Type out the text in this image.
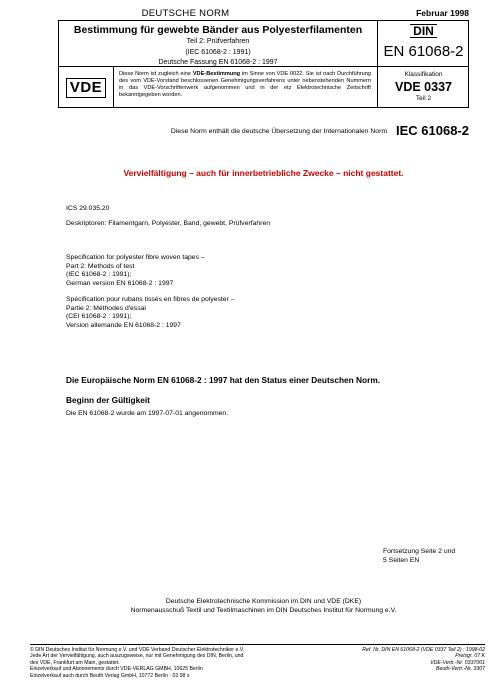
DEUTSCHE NORM	Februar 1998
Bestimmung für gewebte Bänder aus Polyesterfilamenten
Teil 2: Prüfverfahren
(IEC 61068-2 : 1991)
Deutsche Fassung EN 61068-2 : 1997
DIN
EN 61068-2
VDE
Diese Norm ist zugleich eine VDE-Bestimmung im Sinne von VDE 0022. Sie ist nach Durchführung des vom VDE-Vorstand beschlossenen Genehmigungsverfahrens unter nebenstehenden Nummern in das VDE-Vorschriftenwerk aufgenommen und in der etz Elektrotechnische Zeitschrift bekanntgegeben worden.
Klassifikation
VDE 0337
Teil 2
Diese Norm enthält die deutsche Übersetzung der Internationalen Norm IEC 61068-2
Vervielfältigung – auch für innerbetriebliche Zwecke – nicht gestattet.
ICS 29.035.20
Deskriptoren: Filamentgarn, Polyester, Band, gewebt, Prüfverfahren
Specification for polyester fibre woven tapes –
Part 2: Methods of test
(IEC 61068-2 : 1991);
German version EN 61068-2 : 1997
Spécification pour rubans tissés en fibres de polyester –
Partie 2: Méthodes d'essai
(CEI 61068-2 : 1991);
Version allemande EN 61068-2 : 1997
Die Europäische Norm EN 61068-2 : 1997 hat den Status einer Deutschen Norm.
Beginn der Gültigkeit
Die EN 61068-2 wurde am 1997-07-01 angenommen.
Fortsetzung Seite 2 und
5 Seiten EN
Deutsche Elektrotechnische Kommission im DIN und VDE (DKE)
Normenausschuß Textil und Textilmaschinen im DIN Deutsches Institut für Normung e.V.
© DIN Deutsches Institut für Normung e.V. und VDE Verband Deutscher Elektrotechniker e.V.
Jede Art der Vervielfältigung, auch auszugsweise, nur mit Genehmigung des DIN, Berlin, und
des VDE, Frankfurt am Main, gestattet.
Einzelverkauf und Abonnements durch VDE-VERLAG GMBH, 10625 Berlin
Einzelverkauf auch durch Beuth Verlag GmbH, 10772 Berlin · 02.98 s
Ref. Nr. DIN EN 61068-2 (VDE 0337 Teil 2) : 1998-02
Preisgr. 07 K
VDE-Vertr.-Nr. 0337001
Beuth-Vertr.-Nr. 3307
